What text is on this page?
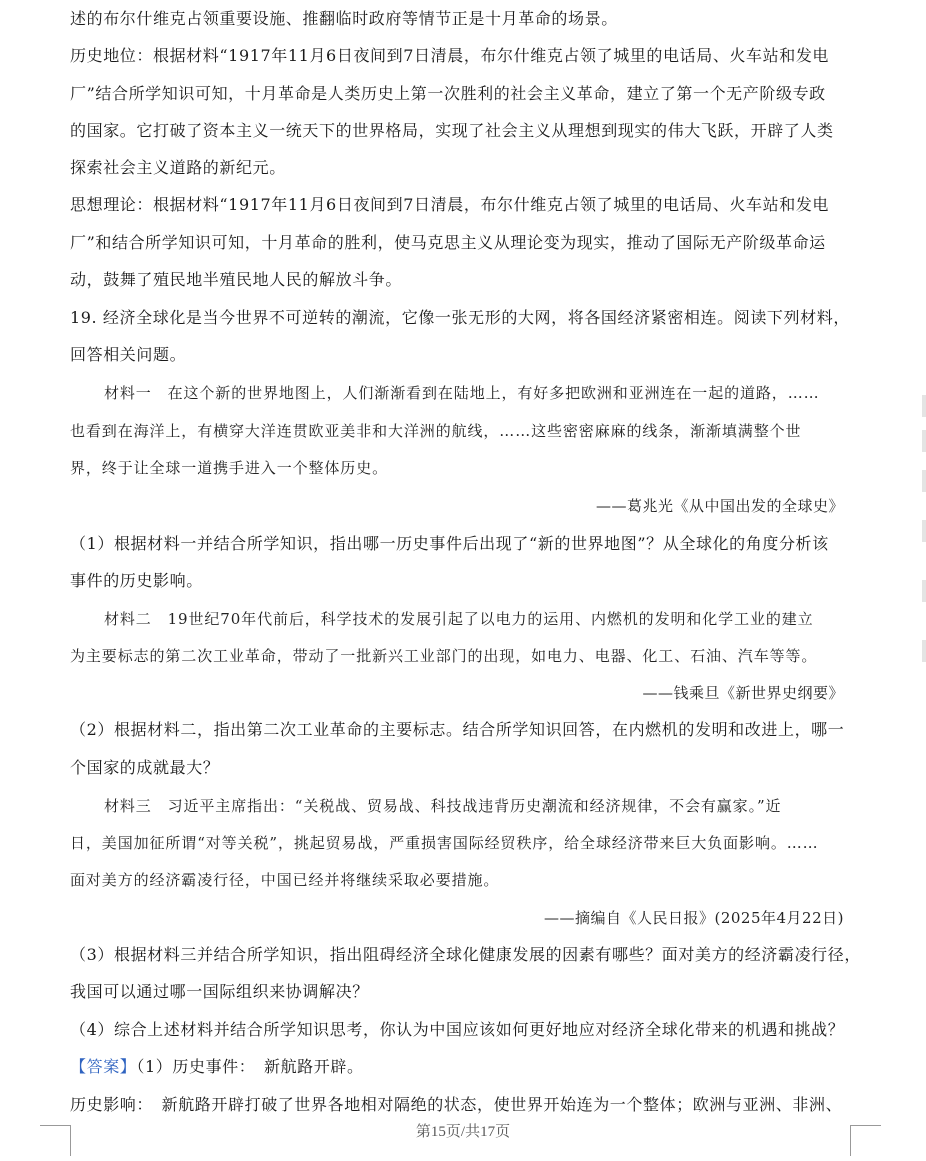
述的布尔什维克占领重要设施、推翻临时政府等情节正是十月革命的场景。
历史地位：根据材料“1917年11月6日夜间到7日清晨，布尔什维克占领了城里的电话局、火车站和发电
厂”结合所学知识可知，十月革命是人类历史上第一次胜利的社会主义革命，建立了第一个无产阶级专政
的国家。它打破了资本主义一统天下的世界格局，实现了社会主义从理想到现实的伟大飞跃，开辟了人类
探索社会主义道路的新纪元。
思想理论：根据材料“1917年11月6日夜间到7日清晨，布尔什维克占领了城里的电话局、火车站和发电
厂”和结合所学知识可知，十月革命的胜利，使马克思主义从理论变为现实，推动了国际无产阶级革命运
动，鼓舞了殖民地半殖民地人民的解放斗争。
19. 经济全球化是当今世界不可逆转的潮流，它像一张无形的大网，将各国经济紧密相连。阅读下列材料，
回答相关问题。
材料一　在这个新的世界地图上，人们渐渐看到在陆地上，有好多把欧洲和亚洲连在一起的道路，……
也看到在海洋上，有横穿大洋连贯欧亚美非和大洋洲的航线，……这些密密麻麻的线条，渐渐填满整个世
界，终于让全球一道携手进入一个整体历史。
——葛兆光《从中国出发的全球史》
（1）根据材料一并结合所学知识，指出哪一历史事件后出现了“新的世界地图”？从全球化的角度分析该
事件的历史影响。
材料二　19世纪70年代前后，科学技术的发展引起了以电力的运用、内燃机的发明和化学工业的建立
为主要标志的第二次工业革命，带动了一批新兴工业部门的出现，如电力、电器、化工、石油、汽车等等。
——钱乘旦《新世界史纲要》
（2）根据材料二，指出第二次工业革命的主要标志。结合所学知识回答，在内燃机的发明和改进上，哪一
个国家的成就最大？
材料三　习近平主席指出：“关税战、贸易战、科技战违背历史潮流和经济规律，不会有赢家。”近
日，美国加征所谓“对等关税”，挑起贸易战，严重损害国际经贸秩序，给全球经济带来巨大负面影响。……
面对美方的经济霸凌行径，中国已经并将继续采取必要措施。
——摘编自《人民日报》(2025年4月22日)
（3）根据材料三并结合所学知识，指出阻碍经济全球化健康发展的因素有哪些？面对美方的经济霸凌行径，
我国可以通过哪一国际组织来协调解决？
（4）综合上述材料并结合所学知识思考，你认为中国应该如何更好地应对经济全球化带来的机遇和挑战？
【答案】（1）历史事件：　新航路开辟。
历史影响：　新航路开辟打破了世界各地相对隔绝的状态，使世界开始连为一个整体；欧洲与亚洲、非洲、
第15页/共17页
